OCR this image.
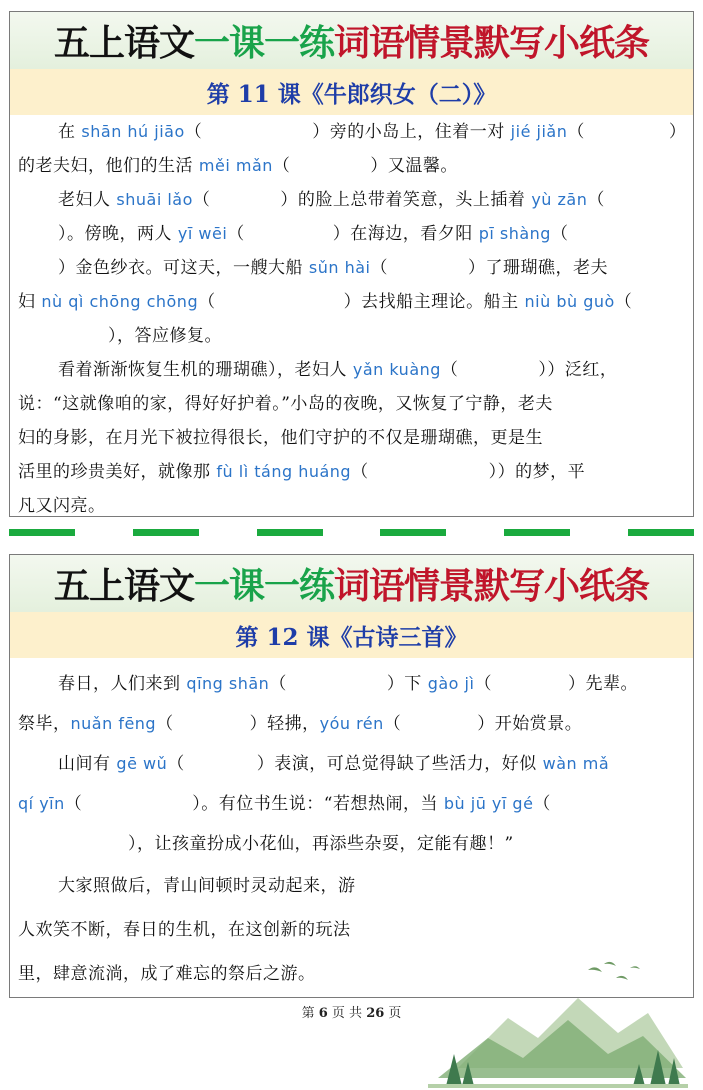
五上语文 一课一练 词语情景默写小纸条
第 11 课《牛郎织女（二）》
在 shān hú jiāo（	）旁的小岛上，住着一对 jié jiǎn（	）
的老夫妇，他们的生活 měi mǎn（	）又温馨。
老妇人 shuāi lǎo（	）的脸上总带着笑意，头上插着 yù zān（
）。傍晚，两人 yī wēi（	）在海边，看夕阳 pī shàng（
）金色纱衣。可这天，一艘大船 sǔn hài（	）了珊瑚礁，老夫
妇 nù qì chōng chōng（	）去找船主理论。船主 niù bù guò（
），答应修复。
看着渐渐恢复生机的珊瑚礁），老妇人 yǎn kuàng（	））泛红，
说：“这就像咱的家，得好好护着。”小岛的夜晚，又恢复了宁静，老夫
妇的身影，在月光下被拉得很长，他们守护的不仅是珊瑚礁，更是生
活里的珍贵美好，就像那 fù lì táng huáng（	））的梦，平
凡又闪亮。
五上语文 一课一练 词语情景默写小纸条
第 12 课《古诗三首》
春日，人们来到 qīng shān（	）下 gào jì（	）先辈。
祭毕，nuǎn fēng（	）轻拂，yóu rén（	）开始赏景。
山间有 gē wǔ（	）表演，可总觉得缺了些活力，好似 wàn mǎ
qí yīn（	）。有位书生说：“若想热闹，当 bù jū yī gé（
），让孩童扮成小花仙，再添些杂耍，定能有趣！”
大家照做后，青山间顿时灵动起来，游
人欢笑不断，春日的生机，在这创新的玩法
里，肆意流淌，成了难忘的祭后之游。
第 6 页 共 26 页
